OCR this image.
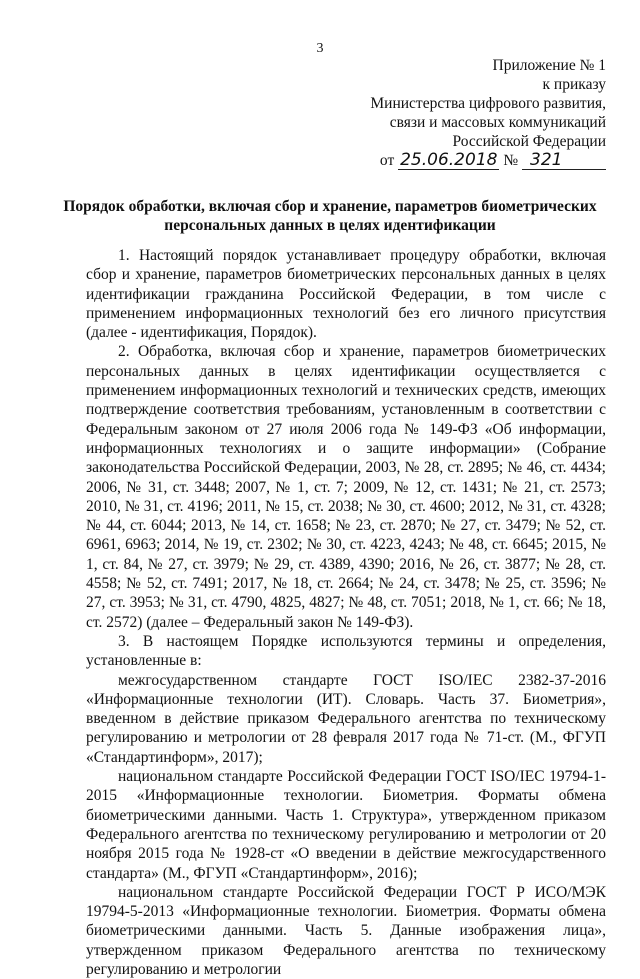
3
Приложение № 1
к приказу
Министерства цифрового развития,
связи и массовых коммуникаций
Российской Федерации
от 25.06.2018 № 321
Порядок обработки, включая сбор и хранение, параметров биометрических персональных данных в целях идентификации

1. Настоящий порядок устанавливает процедуру обработки, включая сбор и хранение, параметров биометрических персональных данных в целях идентификации гражданина Российской Федерации, в том числе с применением информационных технологий без его личного присутствия (далее - идентификация, Порядок).

2. Обработка, включая сбор и хранение, параметров биометрических персональных данных в целях идентификации осуществляется с применением информационных технологий и технических средств, имеющих подтверждение соответствия требованиям, установленным в соответствии с Федеральным законом от 27 июля 2006 года № 149-ФЗ «Об информации, информационных технологиях и о защите информации» (Собрание законодательства Российской Федерации, 2003, № 28, ст. 2895; № 46, ст. 4434; 2006, № 31, ст. 3448; 2007, № 1, ст. 7; 2009, № 12, ст. 1431; № 21, ст. 2573; 2010, № 31, ст. 4196; 2011, № 15, ст. 2038; № 30, ст. 4600; 2012, № 31, ст. 4328; № 44, ст. 6044; 2013, № 14, ст. 1658; № 23, ст. 2870; № 27, ст. 3479; № 52, ст. 6961, 6963; 2014, № 19, ст. 2302; № 30, ст. 4223, 4243; № 48, ст. 6645; 2015, № 1, ст. 84, № 27, ст. 3979; № 29, ст. 4389, 4390; 2016, № 26, ст. 3877; № 28, ст. 4558; № 52, ст. 7491; 2017, № 18, ст. 2664; № 24, ст. 3478; № 25, ст. 3596; № 27, ст. 3953; № 31, ст. 4790, 4825, 4827; № 48, ст. 7051; 2018, № 1, ст. 66; № 18, ст. 2572) (далее – Федеральный закон № 149-ФЗ).

3. В настоящем Порядке используются термины и определения, установленные в:

межгосударственном стандарте ГОСТ ISO/IEC 2382-37-2016 «Информационные технологии (ИТ). Словарь. Часть 37. Биометрия», введенном в действие приказом Федерального агентства по техническому регулированию и метрологии от 28 февраля 2017 года № 71-ст. (М., ФГУП «Стандартинформ», 2017);

национальном стандарте Российской Федерации ГОСТ ISO/IEC 19794-1-2015 «Информационные технологии. Биометрия. Форматы обмена биометрическими данными. Часть 1. Структура», утвержденном приказом Федерального агентства по техническому регулированию и метрологии от 20 ноября 2015 года № 1928-ст «О введении в действие межгосударственного стандарта» (М., ФГУП «Стандартинформ», 2016);

национальном стандарте Российской Федерации ГОСТ Р ИСО/МЭК 19794-5-2013 «Информационные технологии. Биометрия. Форматы обмена биометрическими данными. Часть 5. Данные изображения лица», утвержденном приказом Федерального агентства по техническому регулированию и метрологии
